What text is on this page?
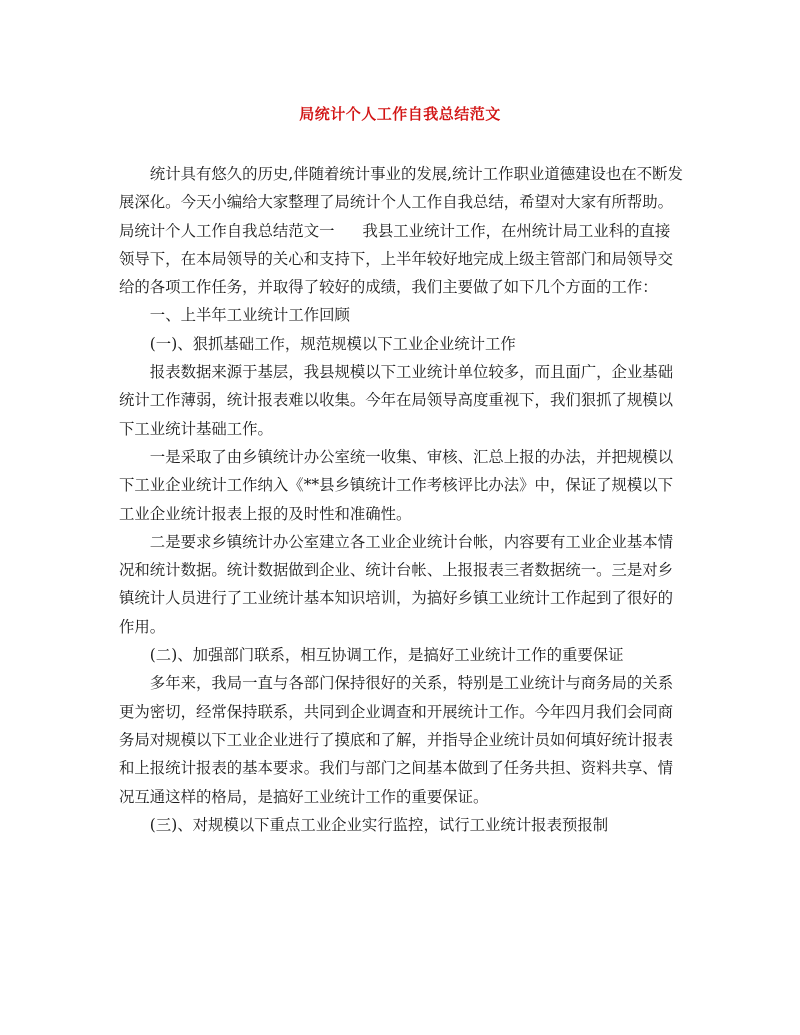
局统计个人工作自我总结范文

统计具有悠久的历史,伴随着统计事业的发展,统计工作职业道德建设也在不断发展深化。今天小编给大家整理了局统计个人工作自我总结，希望对大家有所帮助。

局统计个人工作自我总结范文一 我县工业统计工作，在州统计局工业科的直接领导下，在本局领导的关心和支持下，上半年较好地完成上级主管部门和局领导交给的各项工作任务，并取得了较好的成绩，我们主要做了如下几个方面的工作：

一、上半年工业统计工作回顾

(一)、狠抓基础工作，规范规模以下工业企业统计工作

报表数据来源于基层，我县规模以下工业统计单位较多，而且面广，企业基础统计工作薄弱，统计报表难以收集。今年在局领导高度重视下，我们狠抓了规模以下工业统计基础工作。

一是采取了由乡镇统计办公室统一收集、审核、汇总上报的办法，并把规模以下工业企业统计工作纳入《**县乡镇统计工作考核评比办法》中，保证了规模以下工业企业统计报表上报的及时性和准确性。

二是要求乡镇统计办公室建立各工业企业统计台帐，内容要有工业企业基本情况和统计数据。统计数据做到企业、统计台帐、上报报表三者数据统一。三是对乡镇统计人员进行了工业统计基本知识培训，为搞好乡镇工业统计工作起到了很好的作用。

(二)、加强部门联系，相互协调工作，是搞好工业统计工作的重要保证

多年来，我局一直与各部门保持很好的关系，特别是工业统计与商务局的关系更为密切，经常保持联系，共同到企业调查和开展统计工作。今年四月我们会同商务局对规模以下工业企业进行了摸底和了解，并指导企业统计员如何填好统计报表和上报统计报表的基本要求。我们与部门之间基本做到了任务共担、资料共享、情况互通这样的格局，是搞好工业统计工作的重要保证。

(三)、对规模以下重点工业企业实行监控，试行工业统计报表预报制
